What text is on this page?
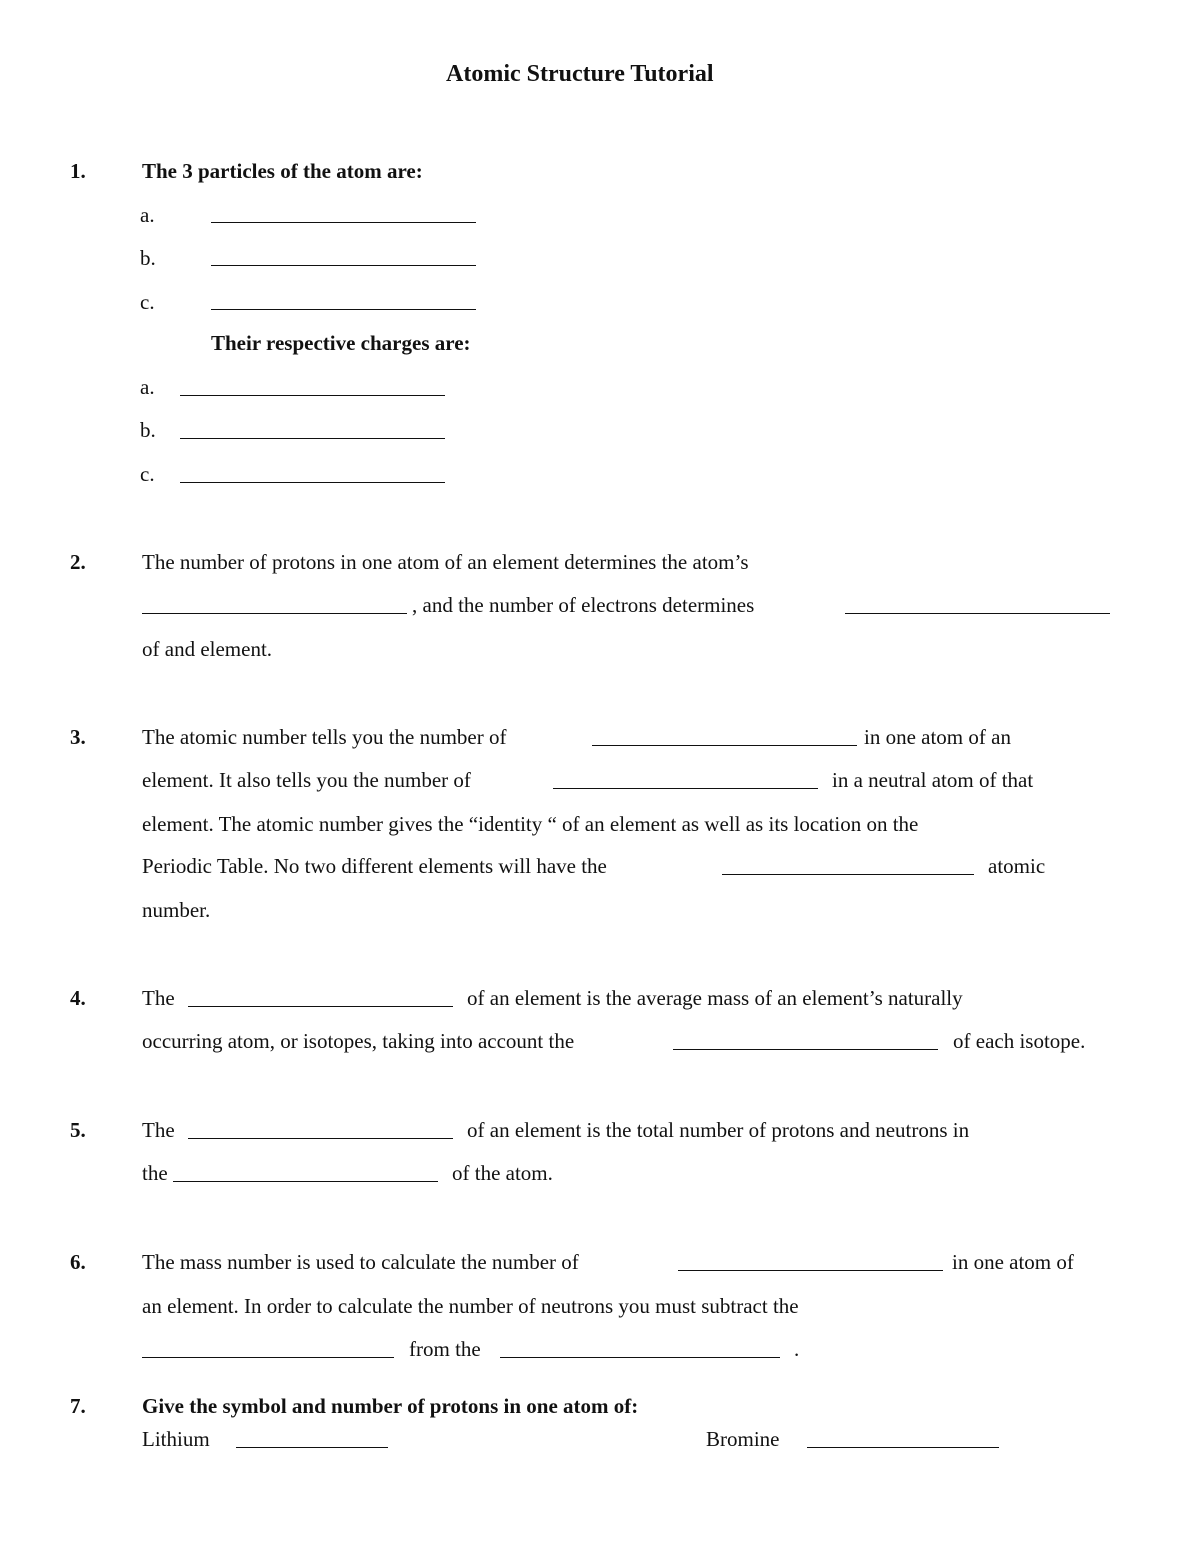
Atomic Structure Tutorial
1.	The 3 particles of the atom are:
a.
b.
c.
Their respective charges are:
a.
b.
c.
2.	The number of protons in one atom of an element determines the atom’s
, and the number of electrons determines
of and element.
3.	The atomic number tells you the number of	in one atom of an
element. It also tells you the number of	in a neutral atom of that
element. The atomic number gives the “identity “ of an element as well as its location on the
Periodic Table. No two different elements will have the	atomic
number.
4.	The	of an element is the average mass of an element’s naturally
occurring atom, or isotopes, taking into account the	of each isotope.
5.	The	of an element is the total number of protons and neutrons in
the	of the atom.
6.	The mass number is used to calculate the number of	in one atom of
an element. In order to calculate the number of neutrons you must subtract the
from the	.
7.	Give the symbol and number of protons in one atom of:
Lithium	Bromine
